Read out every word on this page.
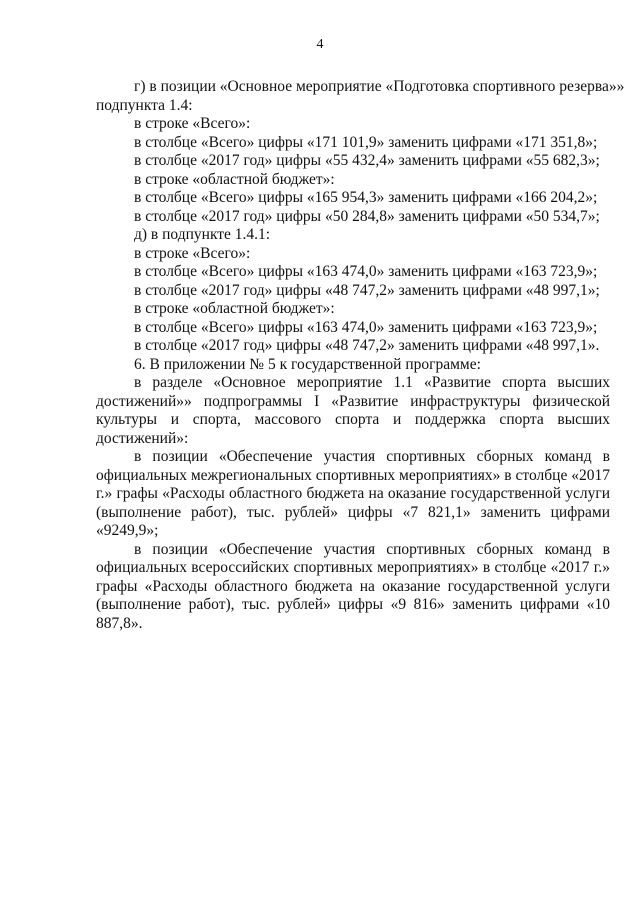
4
г) в позиции «Основное мероприятие «Подготовка спортивного резерва»»
подпункта 1.4:
в строке «Всего»:
в столбце «Всего» цифры «171 101,9» заменить цифрами «171 351,8»;
в столбце «2017 год» цифры «55 432,4» заменить цифрами «55 682,3»;
в строке «областной бюджет»:
в столбце «Всего» цифры «165 954,3» заменить цифрами «166 204,2»;
в столбце «2017 год» цифры «50 284,8» заменить цифрами «50 534,7»;
д) в подпункте 1.4.1:
в строке «Всего»:
в столбце «Всего» цифры «163 474,0» заменить цифрами «163 723,9»;
в столбце «2017 год» цифры «48 747,2» заменить цифрами «48 997,1»;
в строке «областной бюджет»:
в столбце «Всего» цифры «163 474,0» заменить цифрами «163 723,9»;
в столбце «2017 год» цифры «48 747,2» заменить цифрами «48 997,1».
6. В приложении № 5 к государственной программе:
в разделе «Основное мероприятие 1.1 «Развитие спорта высших достижений»» подпрограммы I «Развитие инфраструктуры физической культуры и спорта, массового спорта и поддержка спорта высших достижений»:
в позиции «Обеспечение участия спортивных сборных команд в официальных межрегиональных спортивных мероприятиях» в столбце «2017 г.» графы «Расходы областного бюджета на оказание государственной услуги (выполнение работ), тыс. рублей» цифры «7 821,1» заменить цифрами «9249,9»;
в позиции «Обеспечение участия спортивных сборных команд в официальных всероссийских спортивных мероприятиях» в столбце «2017 г.» графы «Расходы областного бюджета на оказание государственной услуги (выполнение работ), тыс. рублей» цифры «9 816» заменить цифрами «10 887,8».
